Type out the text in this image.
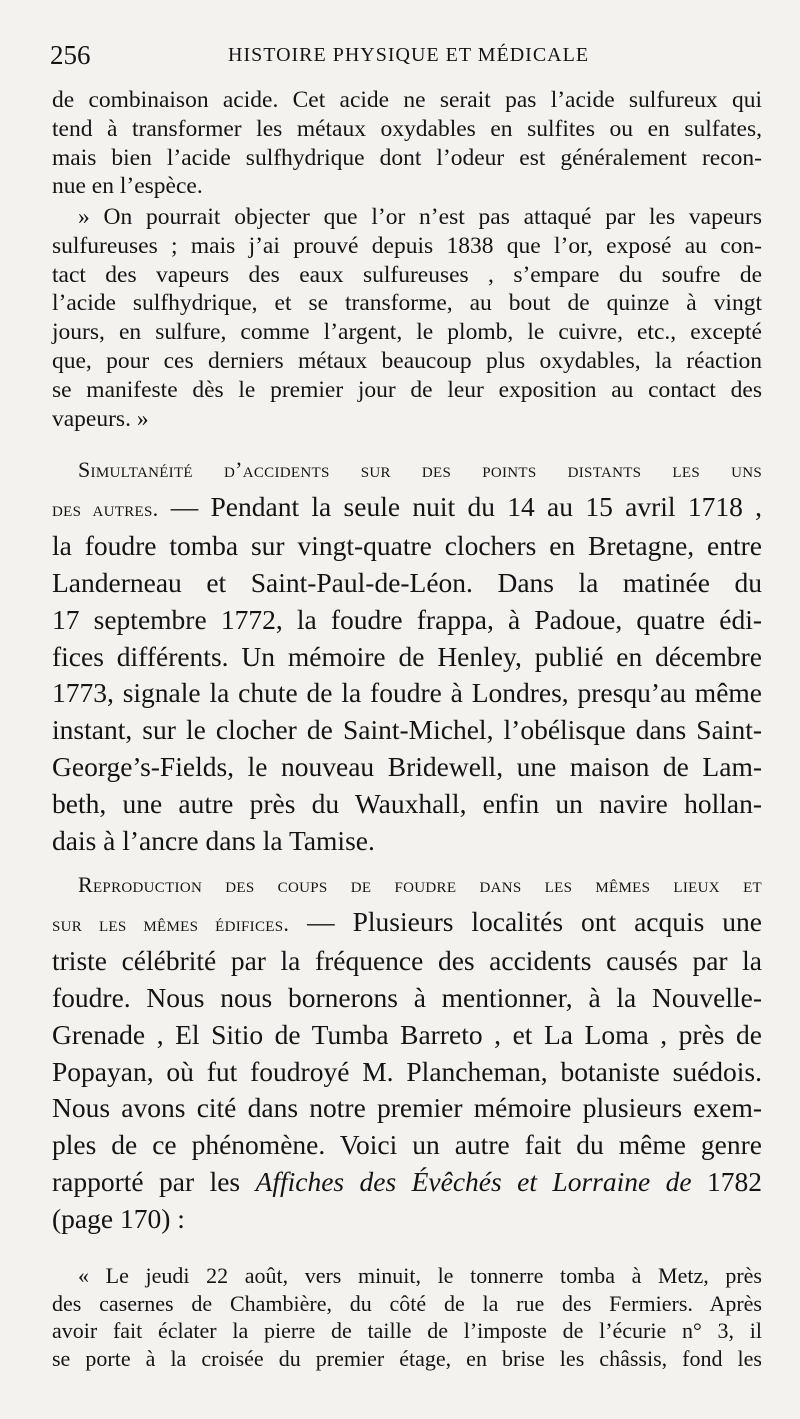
256	HISTOIRE PHYSIQUE ET MÉDICALE
de combinaison acide. Cet acide ne serait pas l’acide sulfureux qui
tend à transformer les métaux oxydables en sulfites ou en sulfates,
mais bien l’acide sulfhydrique dont l’odeur est généralement recon-
nue en l’espèce.
» On pourrait objecter que l’or n’est pas attaqué par les vapeurs
sulfureuses ; mais j’ai prouvé depuis 1838 que l’or, exposé au con-
tact des vapeurs des eaux sulfureuses , s’empare du soufre de
l’acide sulfhydrique, et se transforme, au bout de quinze à vingt
jours, en sulfure, comme l’argent, le plomb, le cuivre, etc., excepté
que, pour ces derniers métaux beaucoup plus oxydables, la réaction
se manifeste dès le premier jour de leur exposition au contact des
vapeurs. »
Simultanéité d’accidents sur des points distants les uns
des autres. — Pendant la seule nuit du 14 au 15 avril 1718 ,
la foudre tomba sur vingt-quatre clochers en Bretagne, entre
Landerneau et Saint-Paul-de-Léon. Dans la matinée du
17 septembre 1772, la foudre frappa, à Padoue, quatre édi-
fices différents. Un mémoire de Henley, publié en décembre
1773, signale la chute de la foudre à Londres, presqu’au même
instant, sur le clocher de Saint-Michel, l’obélisque dans Saint-
George’s-Fields, le nouveau Bridewell, une maison de Lam-
beth, une autre près du Wauxhall, enfin un navire hollan-
dais à l’ancre dans la Tamise.
Reproduction des coups de foudre dans les mêmes lieux et
sur les mêmes édifices. — Plusieurs localités ont acquis une
triste célébrité par la fréquence des accidents causés par la
foudre. Nous nous bornerons à mentionner, à la Nouvelle-
Grenade , El Sitio de Tumba Barreto , et La Loma , près de
Popayan, où fut foudroyé M. Plancheman, botaniste suédois.
Nous avons cité dans notre premier mémoire plusieurs exem-
ples de ce phénomène. Voici un autre fait du même genre
rapporté par les Affiches des Évêchés et Lorraine de 1782
(page 170) :
« Le jeudi 22 août, vers minuit, le tonnerre tomba à Metz, près
des casernes de Chambière, du côté de la rue des Fermiers. Après
avoir fait éclater la pierre de taille de l’imposte de l’écurie n° 3, il
se porte à la croisée du premier étage, en brise les châssis, fond les
